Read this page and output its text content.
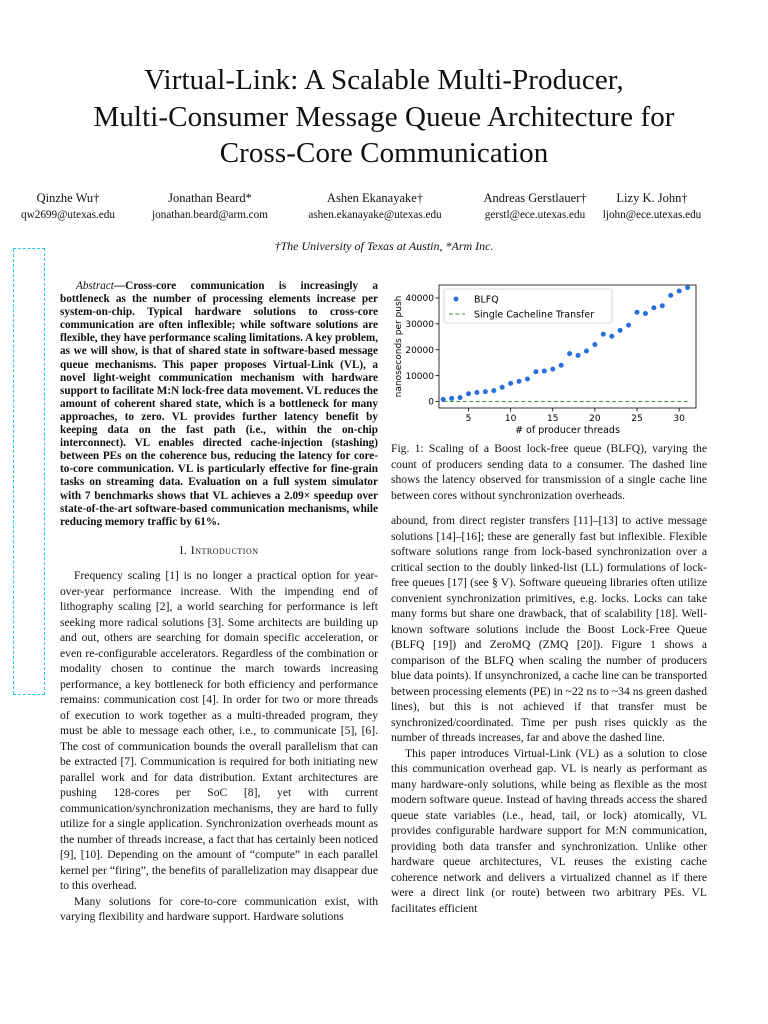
Virtual-Link: A Scalable Multi-Producer,
Multi-Consumer Message Queue Architecture for
Cross-Core Communication
Qinzhe Wu†
qw2699@utexas.edu
Jonathan Beard*
jonathan.beard@arm.com
Ashen Ekanayake†
ashen.ekanayake@utexas.edu
Andreas Gerstlauer†
gerstl@ece.utexas.edu
Lizy K. John†
ljohn@ece.utexas.edu
†The University of Texas at Austin, *Arm Inc.

Abstract—Cross-core communication is increasingly a bottleneck as the number of processing elements increase per system-on-chip. Typical hardware solutions to cross-core communication are often inflexible; while software solutions are flexible, they have performance scaling limitations. A key problem, as we will show, is that of shared state in software-based message queue mechanisms. This paper proposes Virtual-Link (VL), a novel light-weight communication mechanism with hardware support to facilitate M:N lock-free data movement. VL reduces the amount of coherent shared state, which is a bottleneck for many approaches, to zero. VL provides further latency benefit by keeping data on the fast path (i.e., within the on-chip interconnect). VL enables directed cache-injection (stashing) between PEs on the coherence bus, reducing the latency for core-to-core communication. VL is particularly effective for fine-grain tasks on streaming data. Evaluation on a full system simulator with 7 benchmarks shows that VL achieves a 2.09× speedup over state-of-the-art software-based communication mechanisms, while reducing memory traffic by 61%.

I. Introduction

Frequency scaling [1] is no longer a practical option for year-over-year performance increase. With the impending end of lithography scaling [2], a world searching for performance is left seeking more radical solutions [3]. Some architects are building up and out, others are searching for domain specific acceleration, or even re-configurable accelerators. Regardless of the combination or modality chosen to continue the march towards increasing performance, a key bottleneck for both efficiency and performance remains: communication cost [4]. In order for two or more threads of execution to work together as a multi-threaded program, they must be able to message each other, i.e., to communicate [5], [6]. The cost of communication bounds the overall parallelism that can be extracted [7]. Communication is required for both initiating new parallel work and for data distribution. Extant architectures are pushing 128-cores per SoC [8], yet with current communication/synchronization mechanisms, they are hard to fully utilize for a single application. Synchronization overheads mount as the number of threads increase, a fact that has certainly been noticed [9], [10]. Depending on the amount of “compute” in each parallel kernel per “firing”, the benefits of parallelization may disappear due to this overhead.

Many solutions for core-to-core communication exist, with varying flexibility and hardware support. Hardware solutions

5	10	15	20	25	30
0
10000
20000
30000
40000
# of producer threads
nanoseconds per push	BLFQ
Single Cacheline Transfer
Fig. 1: Scaling of a Boost lock-free queue (BLFQ), varying the count of producers sending data to a consumer. The dashed line shows the latency observed for transmission of a single cache line between cores without synchronization overheads.

abound, from direct register transfers [11]–[13] to active message solutions [14]–[16]; these are generally fast but inflexible. Flexible software solutions range from lock-based synchronization over a critical section to the doubly linked-list (LL) formulations of lock-free queues [17] (see § V). Software queueing libraries often utilize convenient synchronization primitives, e.g. locks. Locks can take many forms but share one drawback, that of scalability [18]. Well-known software solutions include the Boost Lock-Free Queue (BLFQ [19]) and ZeroMQ (ZMQ [20]). Figure 1 shows a comparison of the BLFQ when scaling the number of producers blue data points). If unsynchronized, a cache line can be transported between processing elements (PE) in ~22 ns to ~34 ns green dashed lines), but this is not achieved if that transfer must be synchronized/coordinated. Time per push rises quickly as the number of threads increases, far and above the dashed line.

This paper introduces Virtual-Link (VL) as a solution to close this communication overhead gap. VL is nearly as performant as many hardware-only solutions, while being as flexible as the most modern software queue. Instead of having threads access the shared queue state variables (i.e., head, tail, or lock) atomically, VL provides configurable hardware support for M:N communication, providing both data transfer and synchronization. Unlike other hardware queue architectures, VL reuses the existing cache coherence network and delivers a virtualized channel as if there were a direct link (or route) between two arbitrary PEs. VL facilitates efficient
